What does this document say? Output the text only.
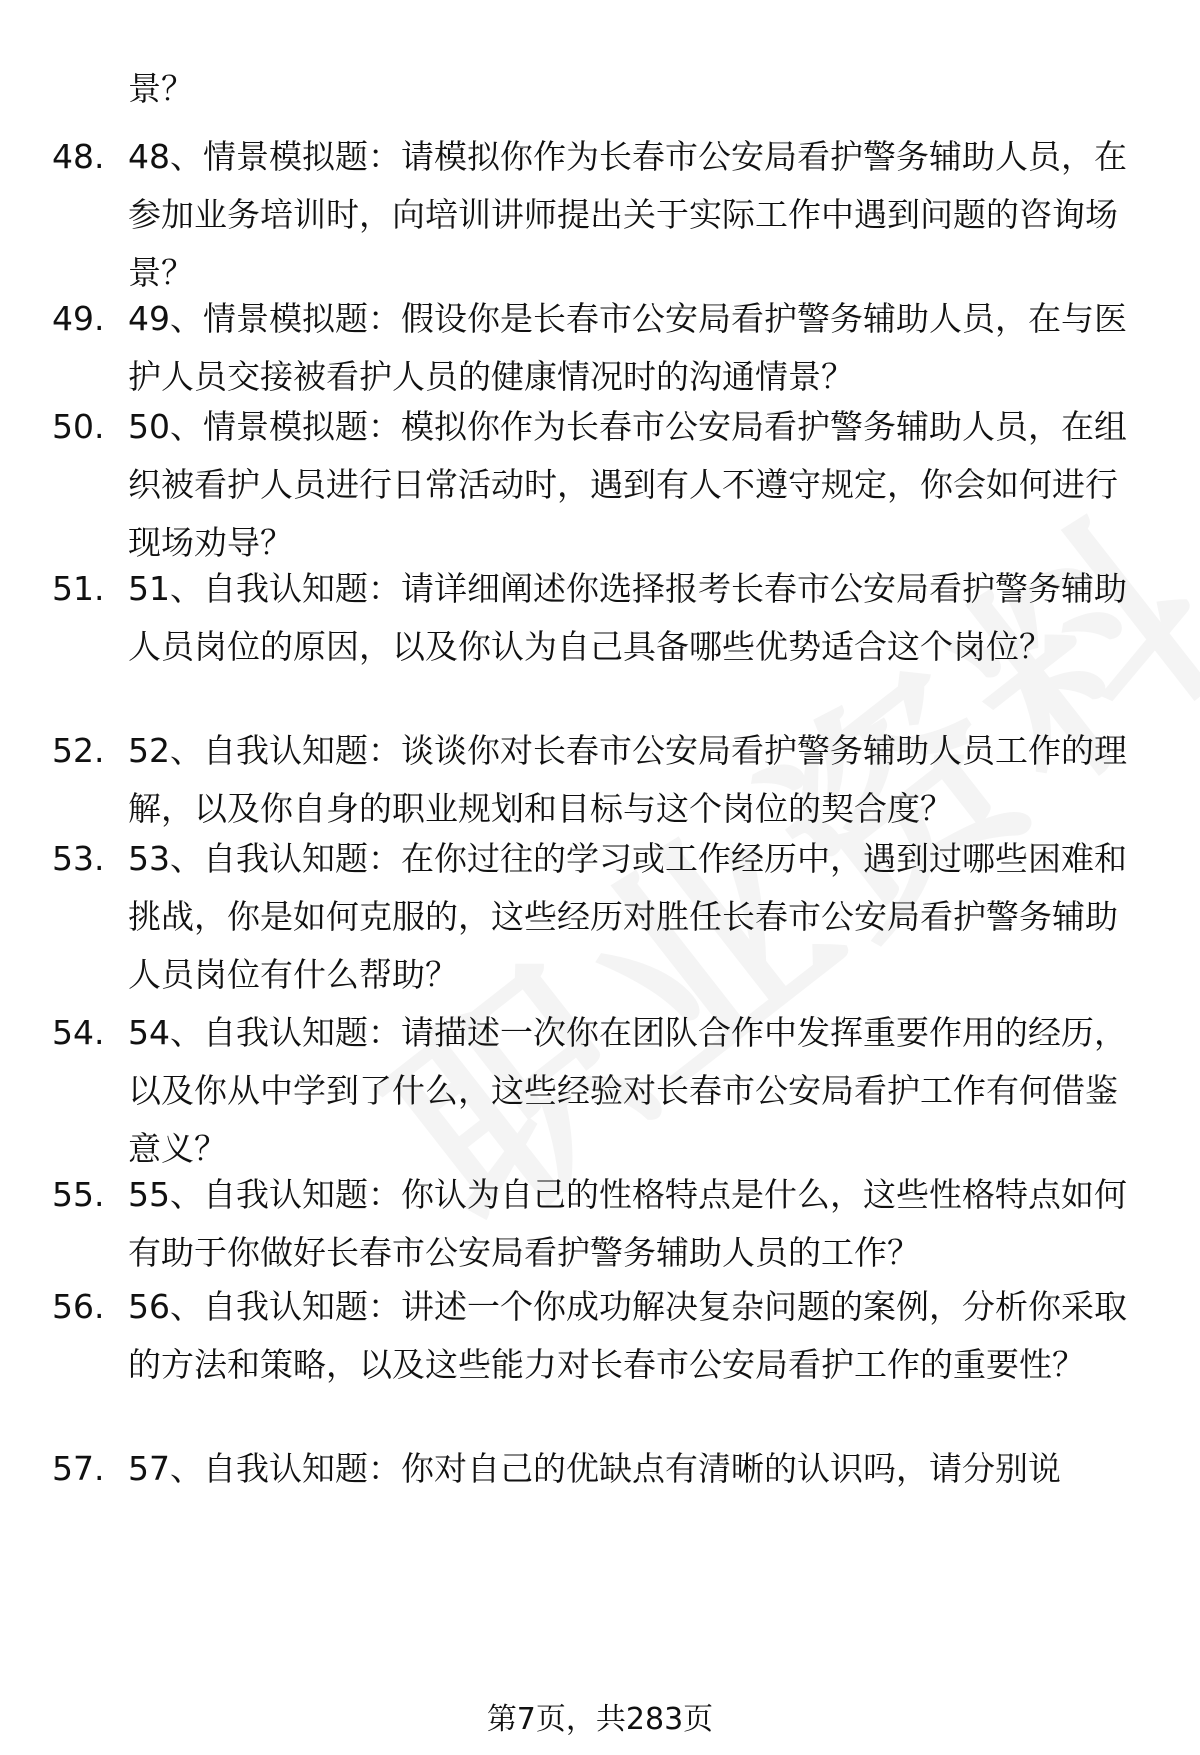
景？

48. 48、情景模拟题：请模拟你作为长春市公安局看护警务辅助人员，在参加业务培训时，向培训讲师提出关于实际工作中遇到问题的咨询场景？

49. 49、情景模拟题：假设你是长春市公安局看护警务辅助人员，在与医护人员交接被看护人员的健康情况时的沟通情景？

50. 50、情景模拟题：模拟你作为长春市公安局看护警务辅助人员，在组织被看护人员进行日常活动时，遇到有人不遵守规定，你会如何进行现场劝导？

51. 51、自我认知题：请详细阐述你选择报考长春市公安局看护警务辅助人员岗位的原因，以及你认为自己具备哪些优势适合这个岗位？

52. 52、自我认知题：谈谈你对长春市公安局看护警务辅助人员工作的理解，以及你自身的职业规划和目标与这个岗位的契合度？

53. 53、自我认知题：在你过往的学习或工作经历中，遇到过哪些困难和挑战，你是如何克服的，这些经历对胜任长春市公安局看护警务辅助人员岗位有什么帮助？

54. 54、自我认知题：请描述一次你在团队合作中发挥重要作用的经历，以及你从中学到了什么，这些经验对长春市公安局看护工作有何借鉴意义？

55. 55、自我认知题：你认为自己的性格特点是什么，这些性格特点如何有助于你做好长春市公安局看护警务辅助人员的工作？

56. 56、自我认知题：讲述一个你成功解决复杂问题的案例，分析你采取的方法和策略，以及这些能力对长春市公安局看护工作的重要性？

57. 57、自我认知题：你对自己的优缺点有清晰的认识吗，请分别说

第7页，共283页
